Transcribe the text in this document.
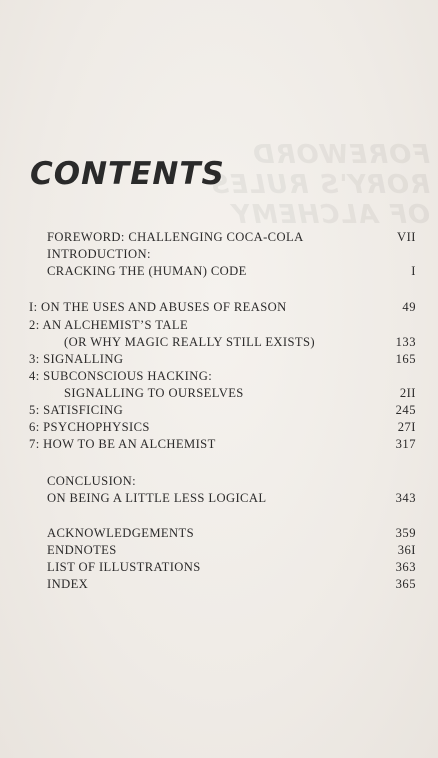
FOREWORD
RORY'S RULES
OF ALCHEMY
CONTENTS
FOREWORD: CHALLENGING COCA-COLA	VII
INTRODUCTION:
CRACKING THE (HUMAN) CODE	I
I: ON THE USES AND ABUSES OF REASON	49
2: AN ALCHEMIST’S TALE
(OR WHY MAGIC REALLY STILL EXISTS)	133
3: SIGNALLING	165
4: SUBCONSCIOUS HACKING:
SIGNALLING TO OURSELVES	2II
5: SATISFICING	245
6: PSYCHOPHYSICS	27I
7: HOW TO BE AN ALCHEMIST	317
CONCLUSION:
ON BEING A LITTLE LESS LOGICAL	343
ACKNOWLEDGEMENTS	359
ENDNOTES	36I
LIST OF ILLUSTRATIONS	363
INDEX	365
